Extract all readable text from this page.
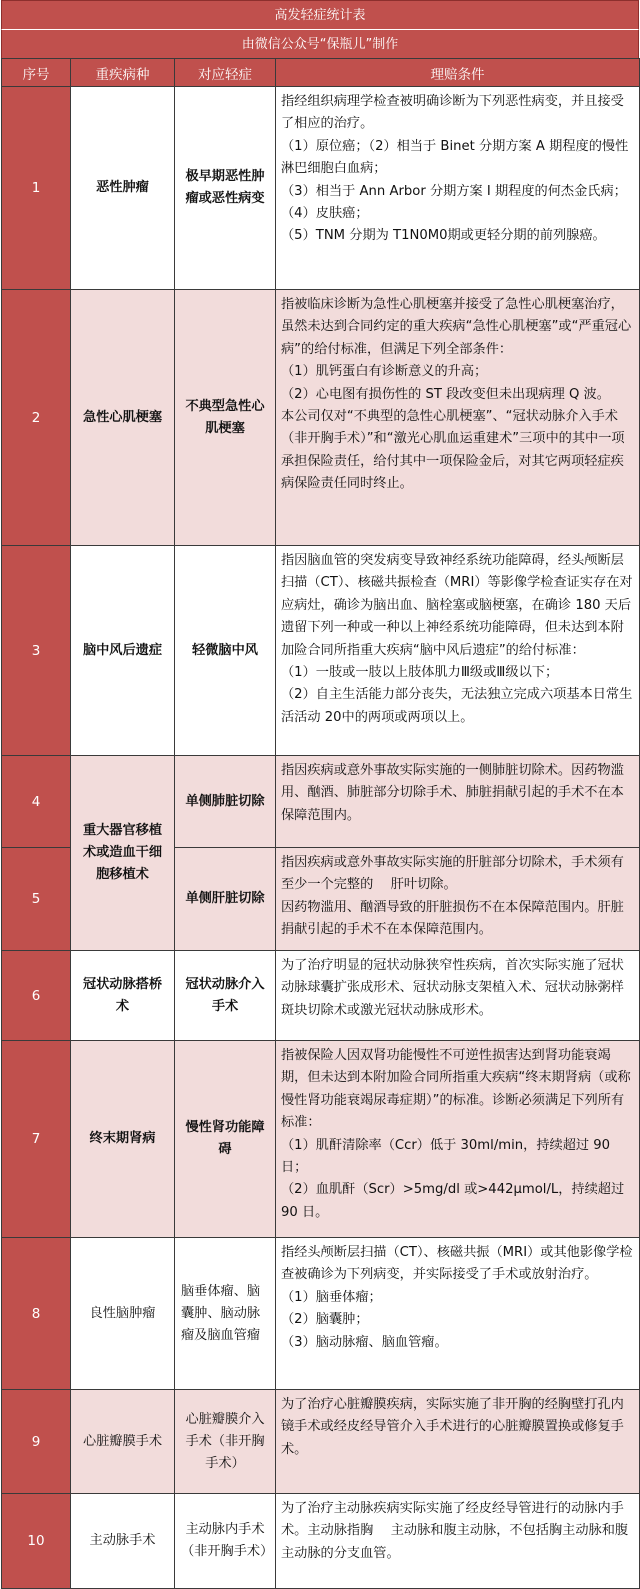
高发轻症统计表
由微信公众号“保瓶儿”制作
序号	重疾病种	对应轻症	理赔条件
1	恶性肿瘤	极早期恶性肿瘤或恶性病变	指经组织病理学检查被明确诊断为下列恶性病变，并且接受了相应的治疗。
（1）原位癌；（2）相当于 Binet 分期方案 A 期程度的慢性淋巴细胞白血病；
（3）相当于 Ann Arbor 分期方案 I 期程度的何杰金氏病；
（4）皮肤癌；
（5）TNM 分期为 T1N0M0期或更轻分期的前列腺癌。

2	急性心肌梗塞	不典型急性心肌梗塞	指被临床诊断为急性心肌梗塞并接受了急性心肌梗塞治疗，虽然未达到合同约定的重大疾病“急性心肌梗塞”或“严重冠心病”的给付标准，但满足下列全部条件：
（1）肌钙蛋白有诊断意义的升高；
（2）心电图有损伤性的 ST 段改变但未出现病理 Q 波。
本公司仅对“不典型的急性心肌梗塞”、“冠状动脉介入手术（非开胸手术）”和“激光心肌血运重建术”三项中的其中一项承担保险责任，给付其中一项保险金后，对其它两项轻症疾病保险责任同时终止。

3	脑中风后遗症	轻微脑中风	指因脑血管的突发病变导致神经系统功能障碍，经头颅断层扫描（CT）、核磁共振检查（MRI）等影像学检查证实存在对应病灶，确诊为脑出血、脑栓塞或脑梗塞，在确诊 180 天后遗留下列一种或一种以上神经系统功能障碍，但未达到本附加险合同所指重大疾病“脑中风后遗症”的给付标准：
（1）一肢或一肢以上肢体肌力Ⅲ级或Ⅲ级以下；
（2）自主生活能力部分丧失，无法独立完成六项基本日常生活活动 20中的两项或两项以上。

4	重大器官移植术或造血干细胞移植术	单侧肺脏切除	指因疾病或意外事故实际实施的一侧肺脏切除术。因药物滥用、酗酒、肺脏部分切除手术、肺脏捐献引起的手术不在本保障范围内。

5		单侧肝脏切除	指因疾病或意外事故实际实施的肝脏部分切除术，手术须有至少一个完整的　 肝叶切除。
因药物滥用、酗酒导致的肝脏损伤不在本保障范围内。肝脏捐献引起的手术不在本保障范围内。

6	冠状动脉搭桥术	冠状动脉介入手术	为了治疗明显的冠状动脉狭窄性疾病，首次实际实施了冠状动脉球囊扩张成形术、冠状动脉支架植入术、冠状动脉粥样斑块切除术或激光冠状动脉成形术。

7	终末期肾病	慢性肾功能障碍	指被保险人因双肾功能慢性不可逆性损害达到肾功能衰竭期，但未达到本附加险合同所指重大疾病“终末期肾病（或称慢性肾功能衰竭尿毒症期）”的标准。诊断必须满足下列所有标准：
（1）肌酐清除率（Ccr）低于 30ml/min，持续超过 90 日；
（2）血肌酐（Scr）>5mg/dl 或>442μmol/L，持续超过 90 日。

8	良性脑肿瘤	脑垂体瘤、脑囊肿、脑动脉瘤及脑血管瘤	指经头颅断层扫描（CT）、核磁共振（MRI）或其他影像学检查被确诊为下列病变，并实际接受了手术或放射治疗。
（1）脑垂体瘤；
（2）脑囊肿；
（3）脑动脉瘤、脑血管瘤。

9	心脏瓣膜手术	心脏瓣膜介入手术（非开胸手术）	为了治疗心脏瓣膜疾病，实际实施了非开胸的经胸壁打孔内镜手术或经皮经导管介入手术进行的心脏瓣膜置换或修复手术。

10	主动脉手术	主动脉内手术（非开胸手术）	为了治疗主动脉疾病实际实施了经皮经导管进行的动脉内手术。主动脉指胸　 主动脉和腹主动脉，不包括胸主动脉和腹主动脉的分支血管。
